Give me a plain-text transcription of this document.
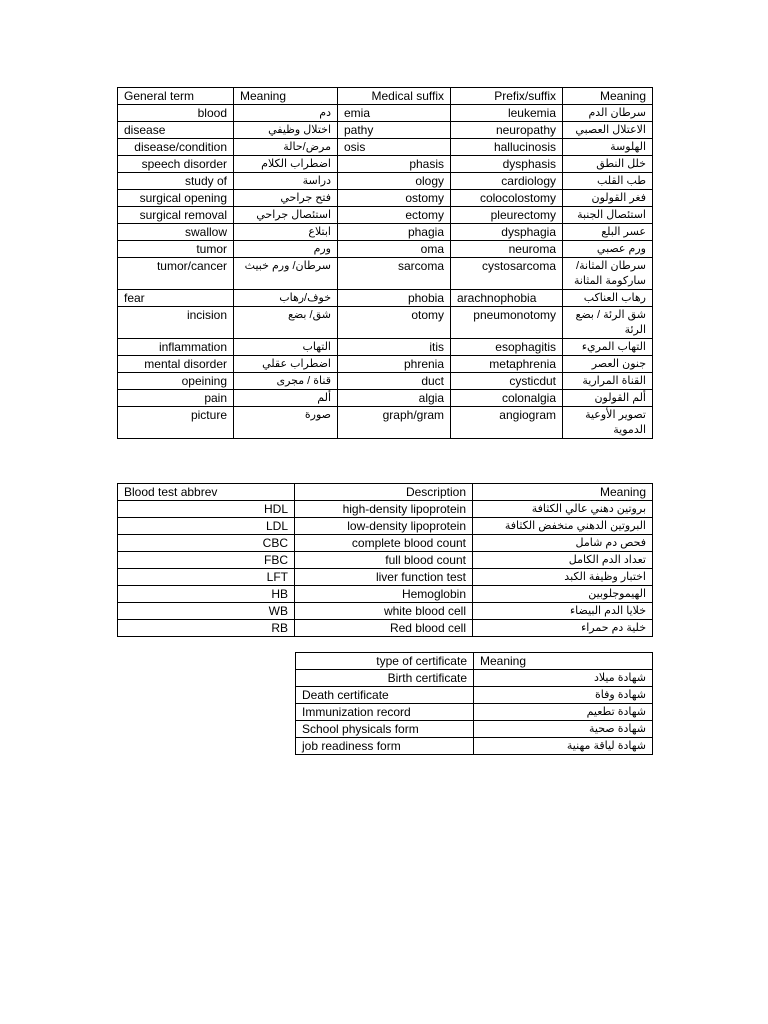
General term	Meaning	Medical suffix	Prefix/suffix	Meaning
blood	دم	emia	leukemia	سرطان الدم
disease	اختلال وظيفي	pathy	neuropathy	الاعتلال العصبي
disease/condition	مرض/حالة	osis	hallucinosis	الهلوسة
speech disorder	اضطراب الكلام	phasis	dysphasis	خلل النطق
study of	دراسة	ology	cardiology	طب القلب
surgical opening	فتح جراحي	ostomy	colocolostomy	فغر القولون
surgical removal	استئصال جراحي	ectomy	pleurectomy	استئصال الجنبة
swallow	ابتلاع	phagia	dysphagia	عسر البلع
tumor	ورم	oma	neuroma	ورم عصبي
tumor/cancer	سرطان/ ورم خبيث	sarcoma	cystosarcoma	سرطان المثانة/ ساركومة المثانة
fear	خوف/رهاب	phobia	arachnophobia	رهاب العناكب
incision	شق/ بضع	otomy	pneumonotomy	شق الرئة / بضع الرئة
inflammation	التهاب	itis	esophagitis	التهاب المريء
mental disorder	اضطراب عقلي	phrenia	metaphrenia	جنون العصر
opeining	قناة / مجرى	duct	cysticdut	القناة المرارية
pain	ألم	algia	colonalgia	ألم القولون
picture	صورة	graph/gram	angiogram	تصوير الأوعية الدموية
Blood test abbrev	Description	Meaning
HDL	high-density lipoprotein	بروتين دهني عالي الكثافة
LDL	low-density lipoprotein	البروتين الدهني منخفض الكثافة
CBC	complete blood count	فحص دم شامل
FBC	full blood count	تعداد الدم الكامل
LFT	liver function test	اختبار وظيفة الكبد
HB	Hemoglobin	الهيموجلوبين
WB	white blood cell	خلايا الدم البيضاء
RB	Red blood cell	خلية دم حمراء
type of certificate	Meaning
Birth certificate	شهادة ميلاد
Death certificate	شهادة وفاة
Immunization record	شهادة تطعيم
School physicals form	شهادة صحية
job readiness form	شهادة لياقة مهنية
